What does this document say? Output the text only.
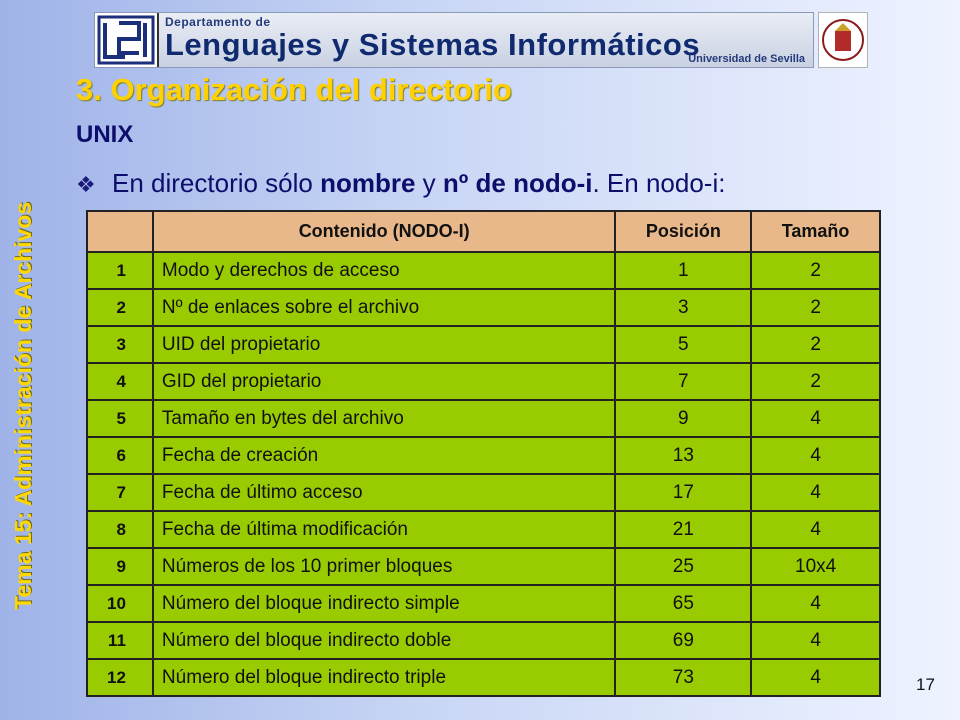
Departamento de
Lenguajes y Sistemas Informáticos
Universidad de Sevilla
Tema 15: Administración de Archivos
3. Organización del directorio
UNIX
❖ En directorio sólo nombre y nº de nodo-i. En nodo-i:
	Contenido (NODO-I)	Posición	Tamaño
1	Modo y derechos de acceso	1	2
2	Nº de enlaces sobre el archivo	3	2
3	UID del propietario	5	2
4	GID del propietario	7	2
5	Tamaño en bytes del archivo	9	4
6	Fecha de creación	13	4
7	Fecha de último acceso	17	4
8	Fecha de última modificación	21	4
9	Números de los 10 primer bloques	25	10x4
10	Número del bloque indirecto simple	65	4
11	Número del bloque indirecto doble	69	4
12	Número del bloque indirecto triple	73	4	17
